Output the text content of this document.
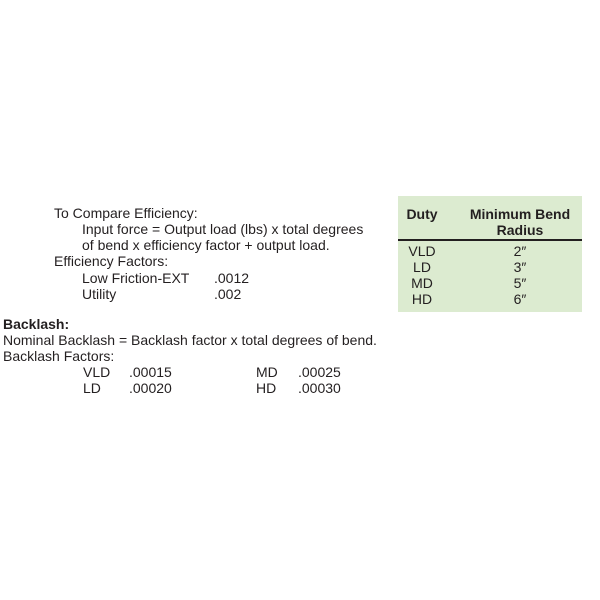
To Compare Efficiency:
Input force = Output load (lbs) x total degrees
of bend x efficiency factor + output load.
Efficiency Factors:
Low Friction-EXT .0012
Utility	.002
Backlash:
Nominal Backlash = Backlash factor x total degrees of bend.
Backlash Factors:
VLD .00015	MD .00025
LD .00020	HD .00030
Duty	Minimum Bend
Radius
VLD	2″
LD	3″
MD	5″
HD	6″
